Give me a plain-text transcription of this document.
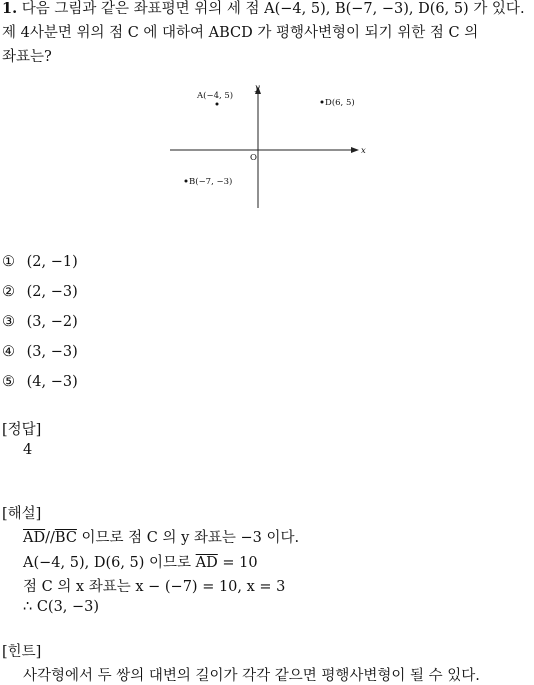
1. 다음 그림과 같은 좌표평면 위의 세 점 A(−4, 5), B(−7, −3), D(6, 5) 가 있다.
제 4사분면 위의 점 C 에 대하여 ABCD 가 평행사변형이 되기 위한 점 C 의
좌표는?
A(−4, 5)
D(6, 5)
B(−7, −3)
O
x
y
① (2, −1)
② (2, −3)
③ (3, −2)
④ (3, −3)
⑤ (4, −3)
[정답]
4
[해설]
$\overline{AD}//\overline{BC}$ 이므로 점 C 의 y 좌표는 −3 이다.
A(−4, 5), D(6, 5) 이므로 $\overline{AD} = 10$
점 C 의 x 좌표는 x − (−7) = 10, x = 3
∴ C(3, −3)
[힌트]
사각형에서 두 쌍의 대변의 길이가 각각 같으면 평행사변형이 될 수 있다.
